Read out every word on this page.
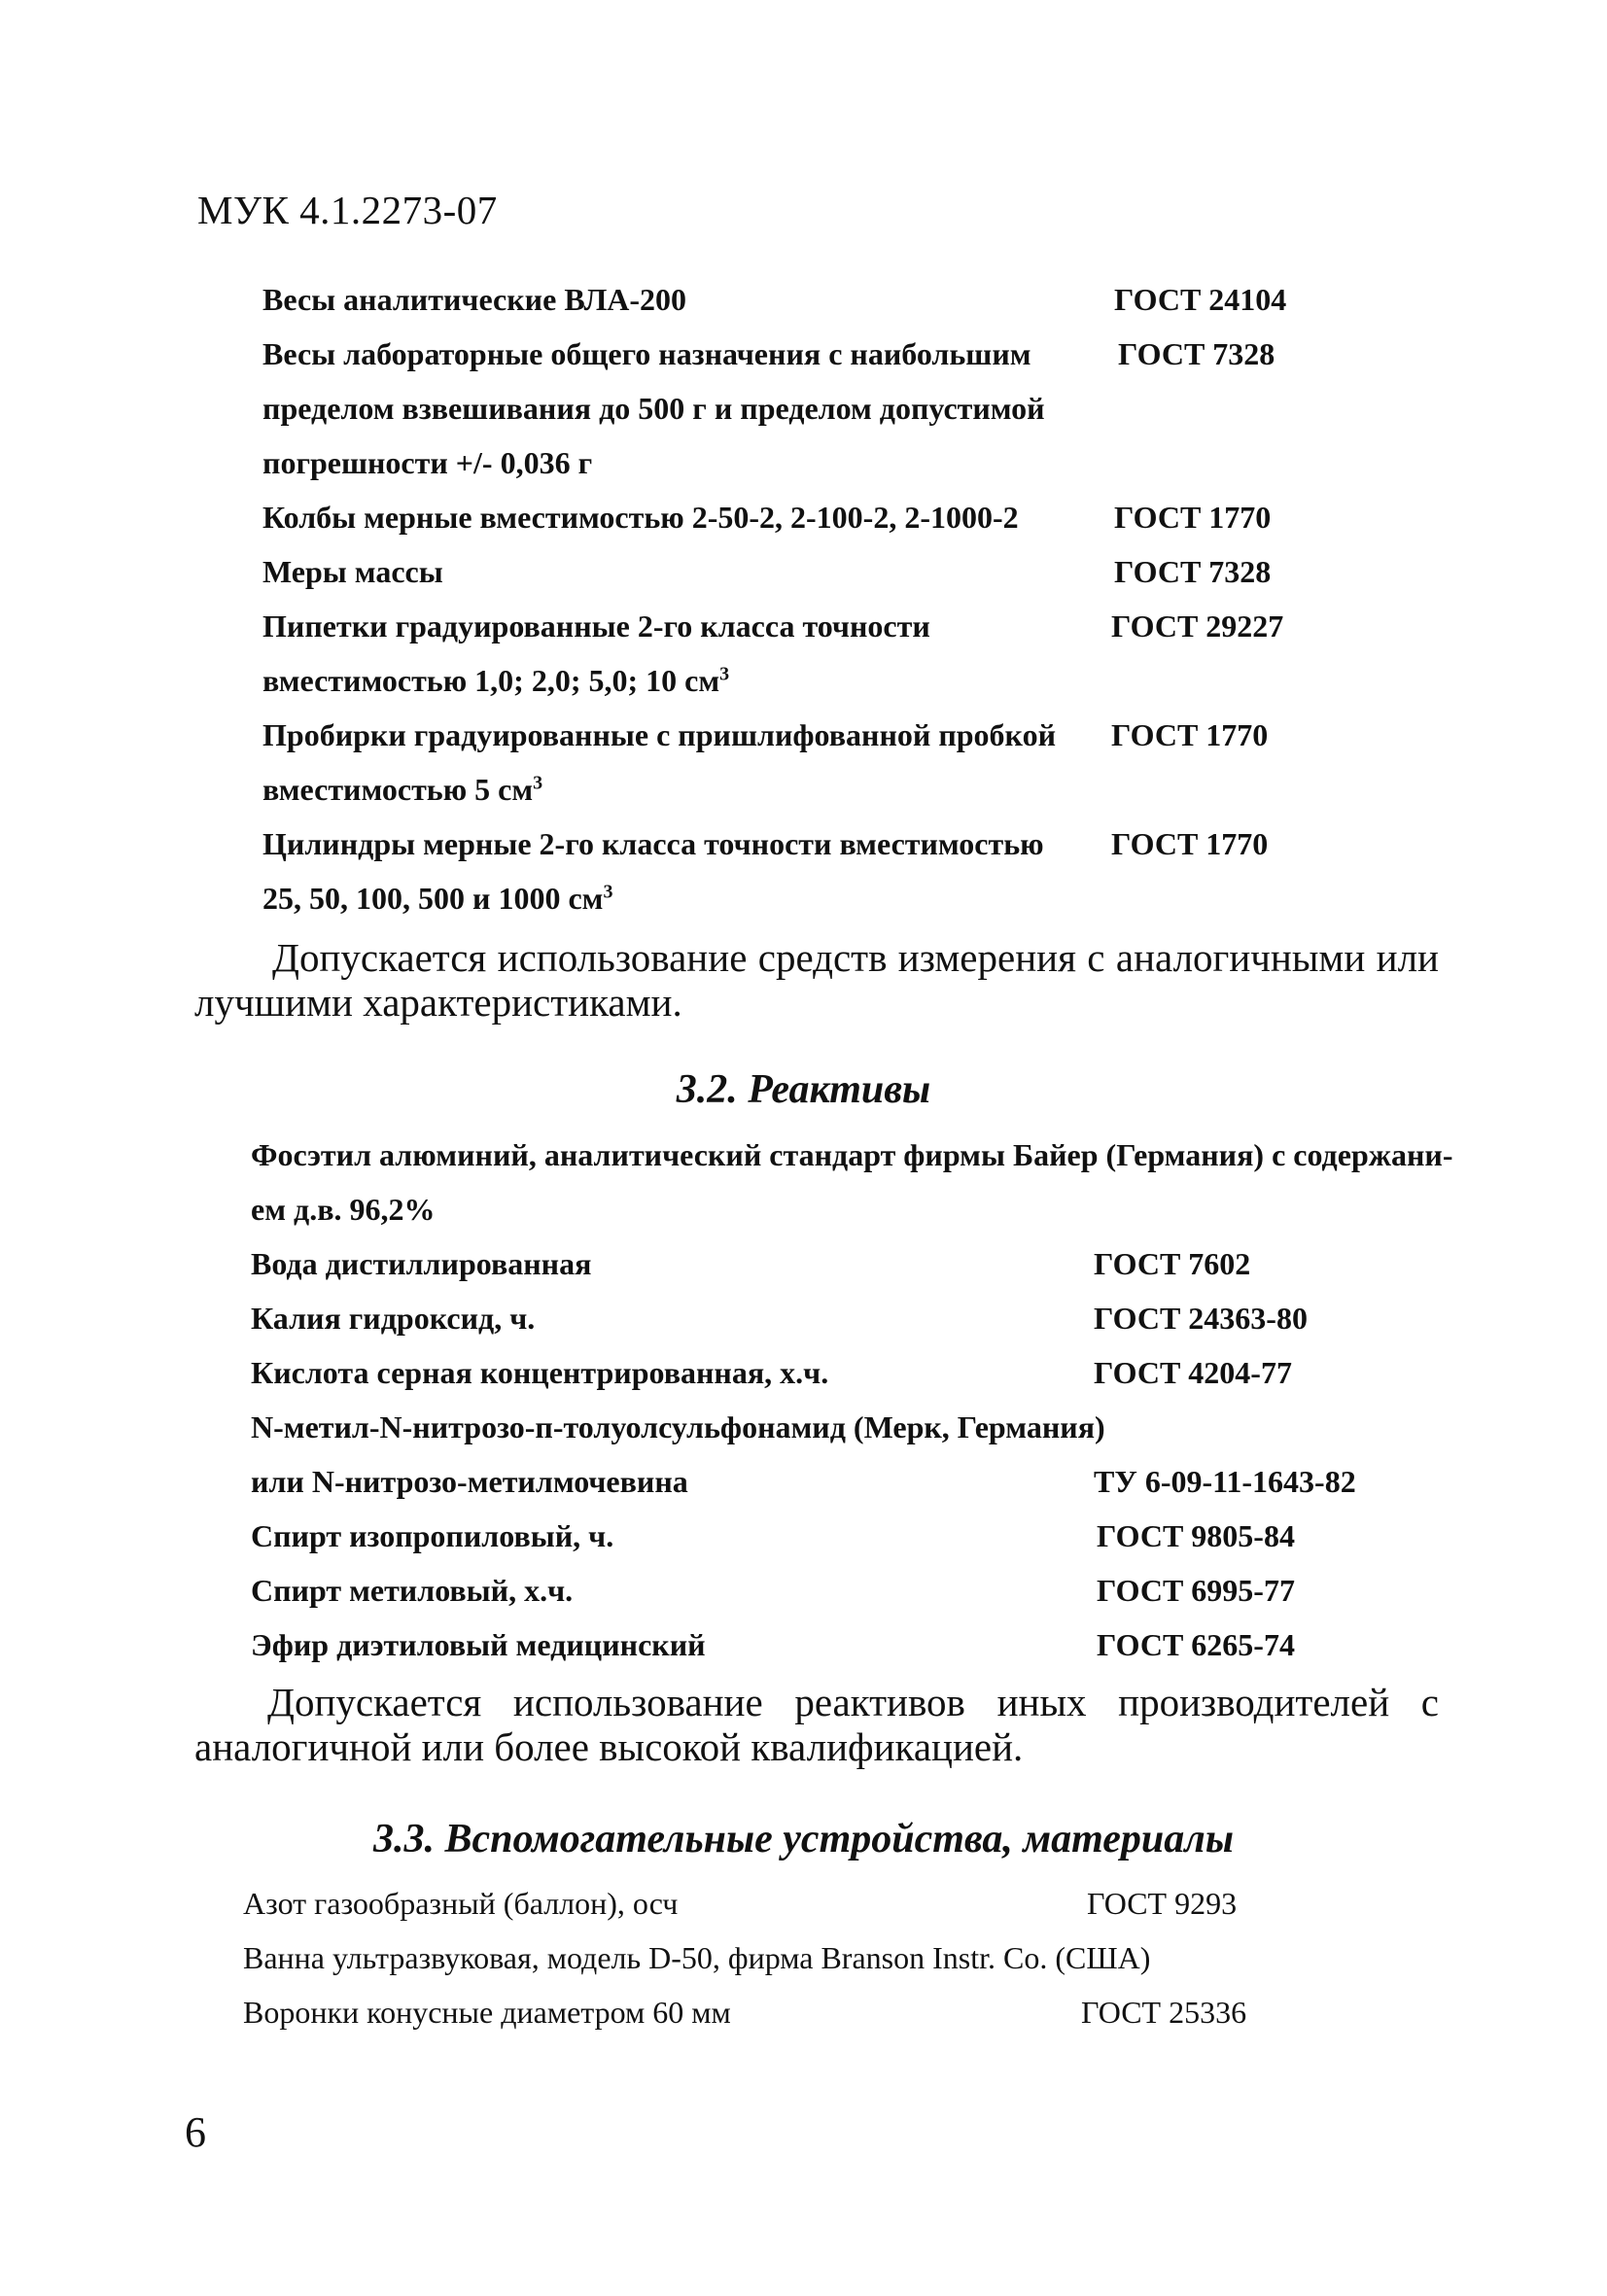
МУК 4.1.2273-07
Весы аналитические ВЛА-200	ГОСТ 24104
Весы лабораторные общего назначения с наибольшим	ГОСТ 7328
пределом взвешивания до 500 г и пределом допустимой
погрешности +/- 0,036 г
Колбы мерные вместимостью 2-50-2, 2-100-2, 2-1000-2	ГОСТ 1770
Меры массы	ГОСТ 7328
Пипетки градуированные 2-го класса точности	ГОСТ 29227
вместимостью 1,0; 2,0; 5,0; 10 $см^3$
Пробирки градуированные с пришлифованной пробкой ГОСТ 1770
вместимостью 5 $см^3$
Цилиндры мерные 2-го класса точности вместимостью ГОСТ 1770
25, 50, 100, 500 и 1000 $см^3$
Допускается использование средств измерения с аналогичными или лучшими характеристиками.
3.2. Реактивы
Фосэтил алюминий, аналитический стандарт фирмы Байер (Германия) с содержани-
ем д.в. 96,2%
Вода дистиллированная	ГОСТ 7602
Калия гидроксид, ч.	ГОСТ 24363-80
Кислота серная концентрированная, х.ч.	ГОСТ 4204-77
N-метил-N-нитрозо-п-толуолсульфонамид (Мерк, Германия)
или N-нитрозо-метилмочевина	ТУ 6-09-11-1643-82
Спирт изопропиловый, ч.	ГОСТ 9805-84
Спирт метиловый, х.ч.	ГОСТ 6995-77
Эфир диэтиловый медицинский	ГОСТ 6265-74
Допускается использование реактивов иных производителей с аналогичной или более высокой квалификацией.
3.3. Вспомогательные устройства, материалы
Азот газообразный (баллон), осч	ГОСТ 9293
Ванна ультразвуковая, модель D-50, фирма Branson Instr. Co. (США)
Воронки конусные диаметром 60 мм	ГОСТ 25336
6
